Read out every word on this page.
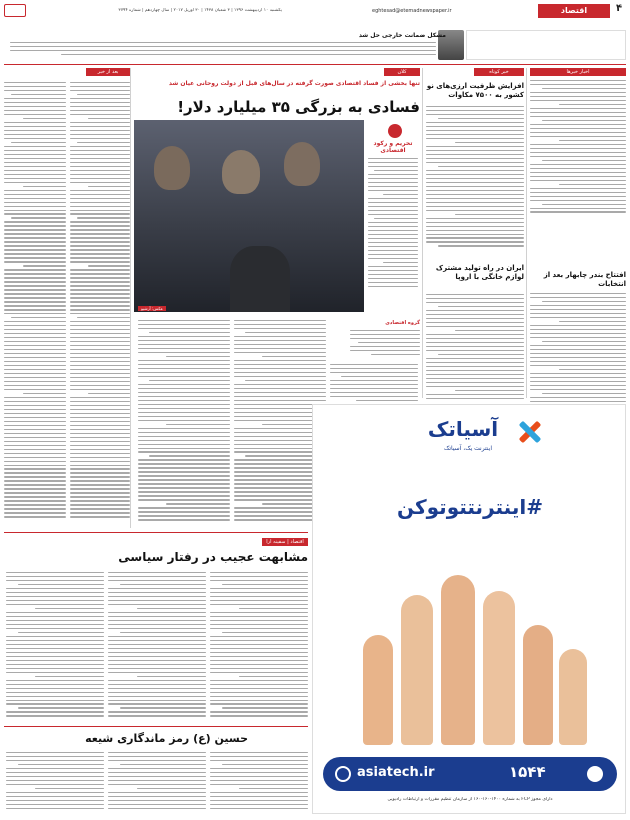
یکشنبه ۱۰ اردیبهشت ۱۳۹۶ | ۳ شعبان ۱۴۳۸ | ۳۰ آوریل ۲۰۱۷ | سال چهاردهم | شماره ۳۷۹۴	eghtesad@etemadnewspaper.ir	اقتصاد	۴
مشکل ضمانت خارجی حل شد
اخبار خبرها
افتتاح بندر چابهار بعد از انتخابات
خبر کوتاه
افزایش ظرفیت ارزی‌های نو کشور به ۷۵۰۰ مکاوات
ایران در راه تولید مشترک لوازم خانگی با اروپا
کلان
تنها بخشی از فساد اقتصادی صورت گرفته در سال‌های قبل از دولت روحانی عیان شد
فسادی به بزرگی ۳۵ میلیارد دلار!
عکس: آرشیو
تحریم و رکود اقتصادی
گروه اقتصادی
بعد از خبر
آسیاتک
اینترنت یک، آسیاتک
#اینترنتتوتوکن
asiatech.ir	۱۵۴۴
دارای مجوز FCP به شماره ۱۴۰۰-۱۶۰-۱۶۰ از سازمان تنظیم مقررات و ارتباطات رادیویی
اقتصاد | سفینه ارا
مشابهت عجیب در رفتار سیاسی
حسین (ع) رمز ماندگاری شیعه
